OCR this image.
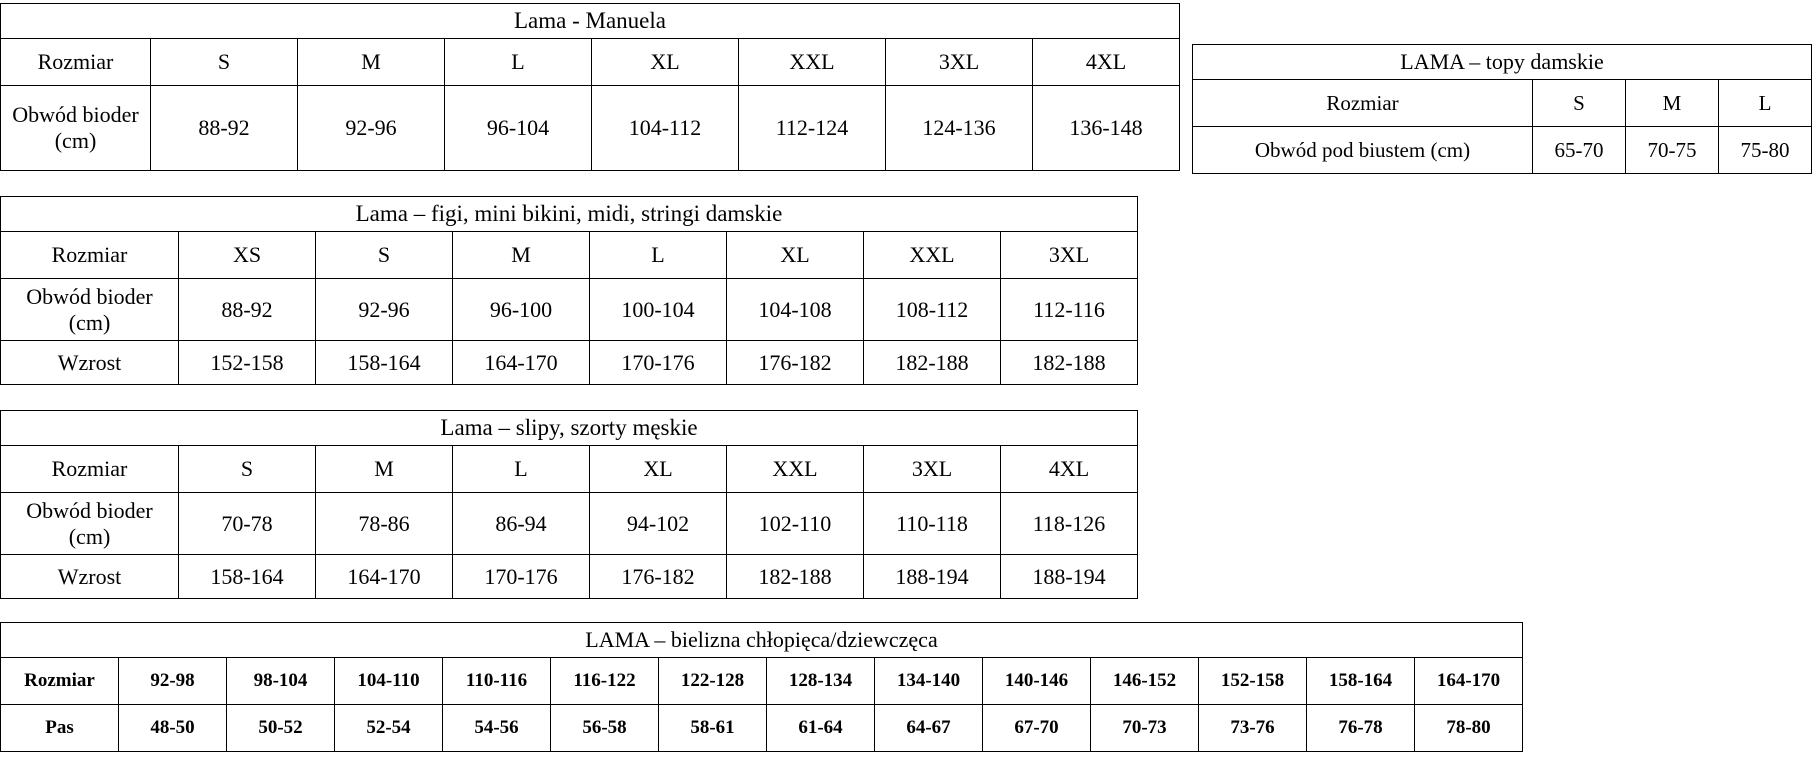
Lama - Manuela							
Rozmiar	S	M	L	XL	XXL	3XL	4XL
Obwód bioder (cm)	88-92	92-96	96-104	104-112	112-124	124-136	136-148
LAMA – topy damskie			
Rozmiar	S	M	L
Obwód pod biustem (cm)	65-70	70-75	75-80
Lama – figi, mini bikini, midi, stringi damskie							
Rozmiar	XS	S	M	L	XL	XXL	3XL
Obwód bioder (cm)	88-92	92-96	96-100	100-104	104-108	108-112	112-116
Wzrost	152-158	158-164	164-170	170-176	176-182	182-188	182-188
Lama – slipy, szorty męskie							
Rozmiar	S	M	L	XL	XXL	3XL	4XL
Obwód bioder (cm)	70-78	78-86	86-94	94-102	102-110	110-118	118-126
Wzrost	158-164	164-170	170-176	176-182	182-188	188-194	188-194
LAMA – bielizna chłopięca/dziewczęca													
Rozmiar	92-98	98-104	104-110	110-116	116-122	122-128	128-134	134-140	140-146	146-152	152-158	158-164	164-170
Pas	48-50	50-52	52-54	54-56	56-58	58-61	61-64	64-67	67-70	70-73	73-76	76-78	78-80
